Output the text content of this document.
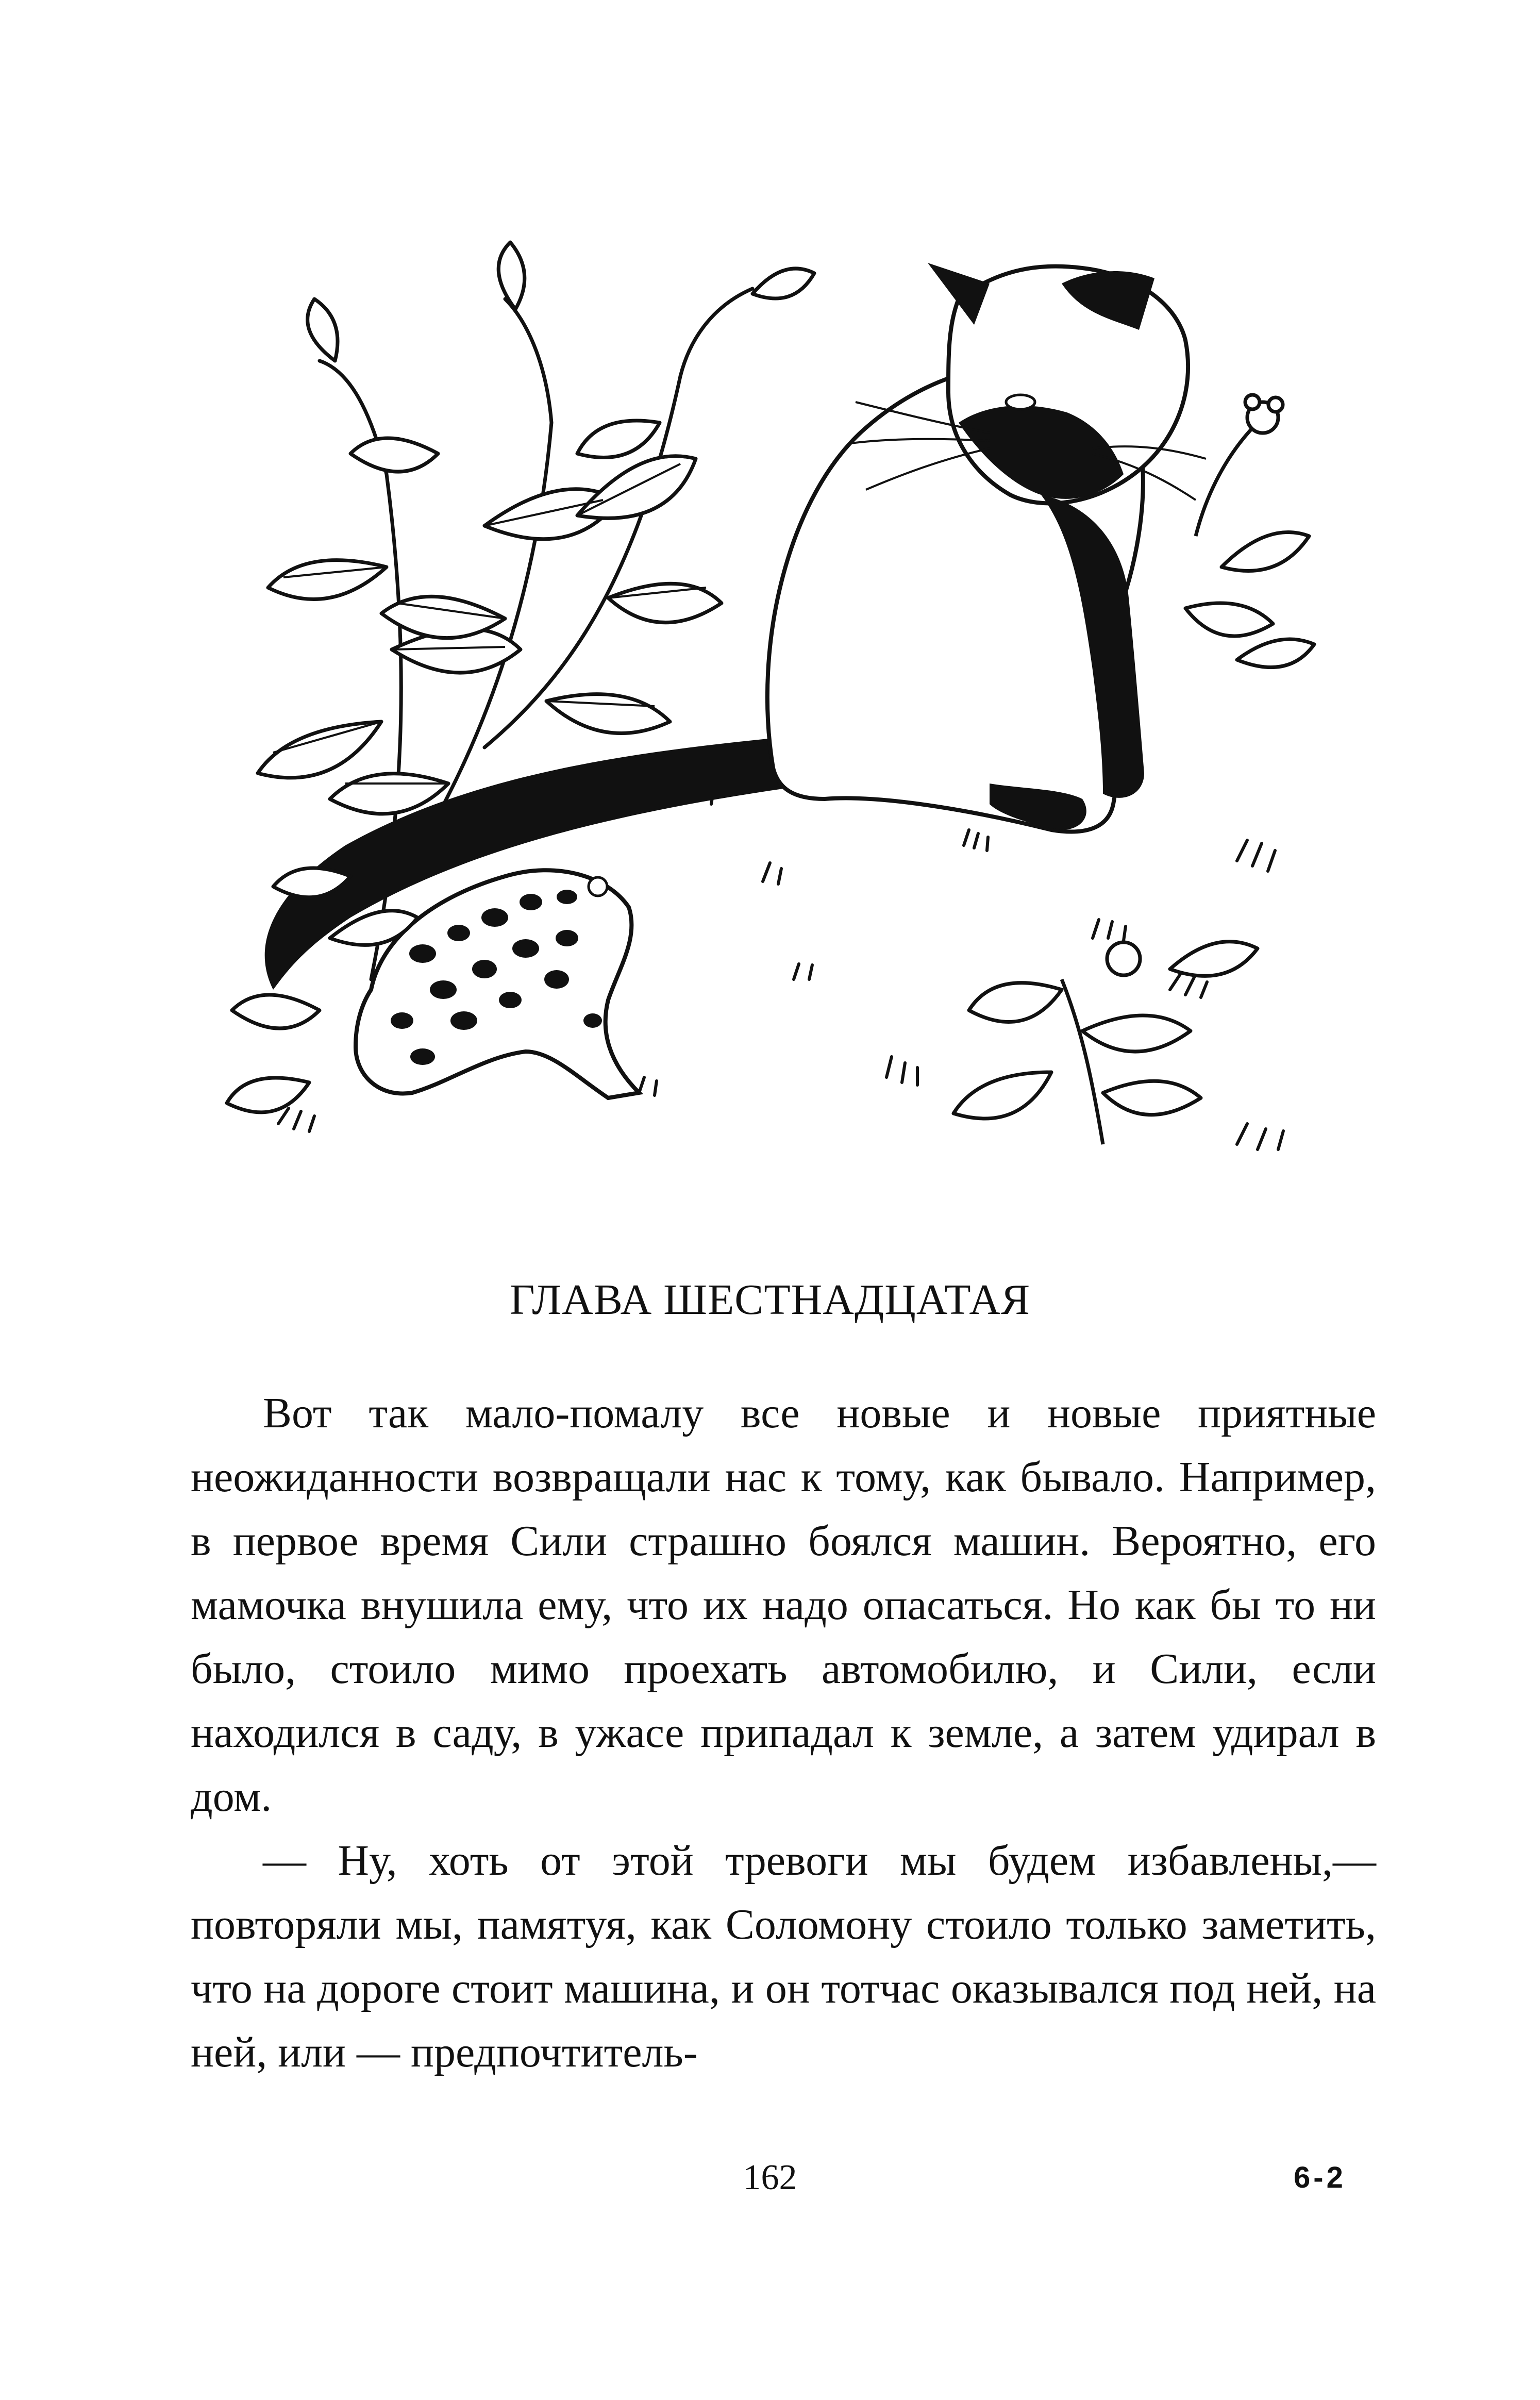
ГЛАВА ШЕСТНАДЦАТАЯ

Вот так мало-помалу все новые и новые приятные неожиданности возвращали нас к тому, как бывало. Например, в первое время Сили страшно боялся машин. Вероятно, его мамочка внушила ему, что их надо опасаться. Но как бы то ни было, стоило мимо проехать автомобилю, и Сили, если находился в саду, в ужасе припадал к земле, а затем удирал в дом.

— Ну, хоть от этой тревоги мы будем избавлены,— повторяли мы, памятуя, как Соломону стоило только заметить, что на дороге стоит машина, и он тотчас оказывался под ней, на ней, или — предпочтитель-

162	6-2
